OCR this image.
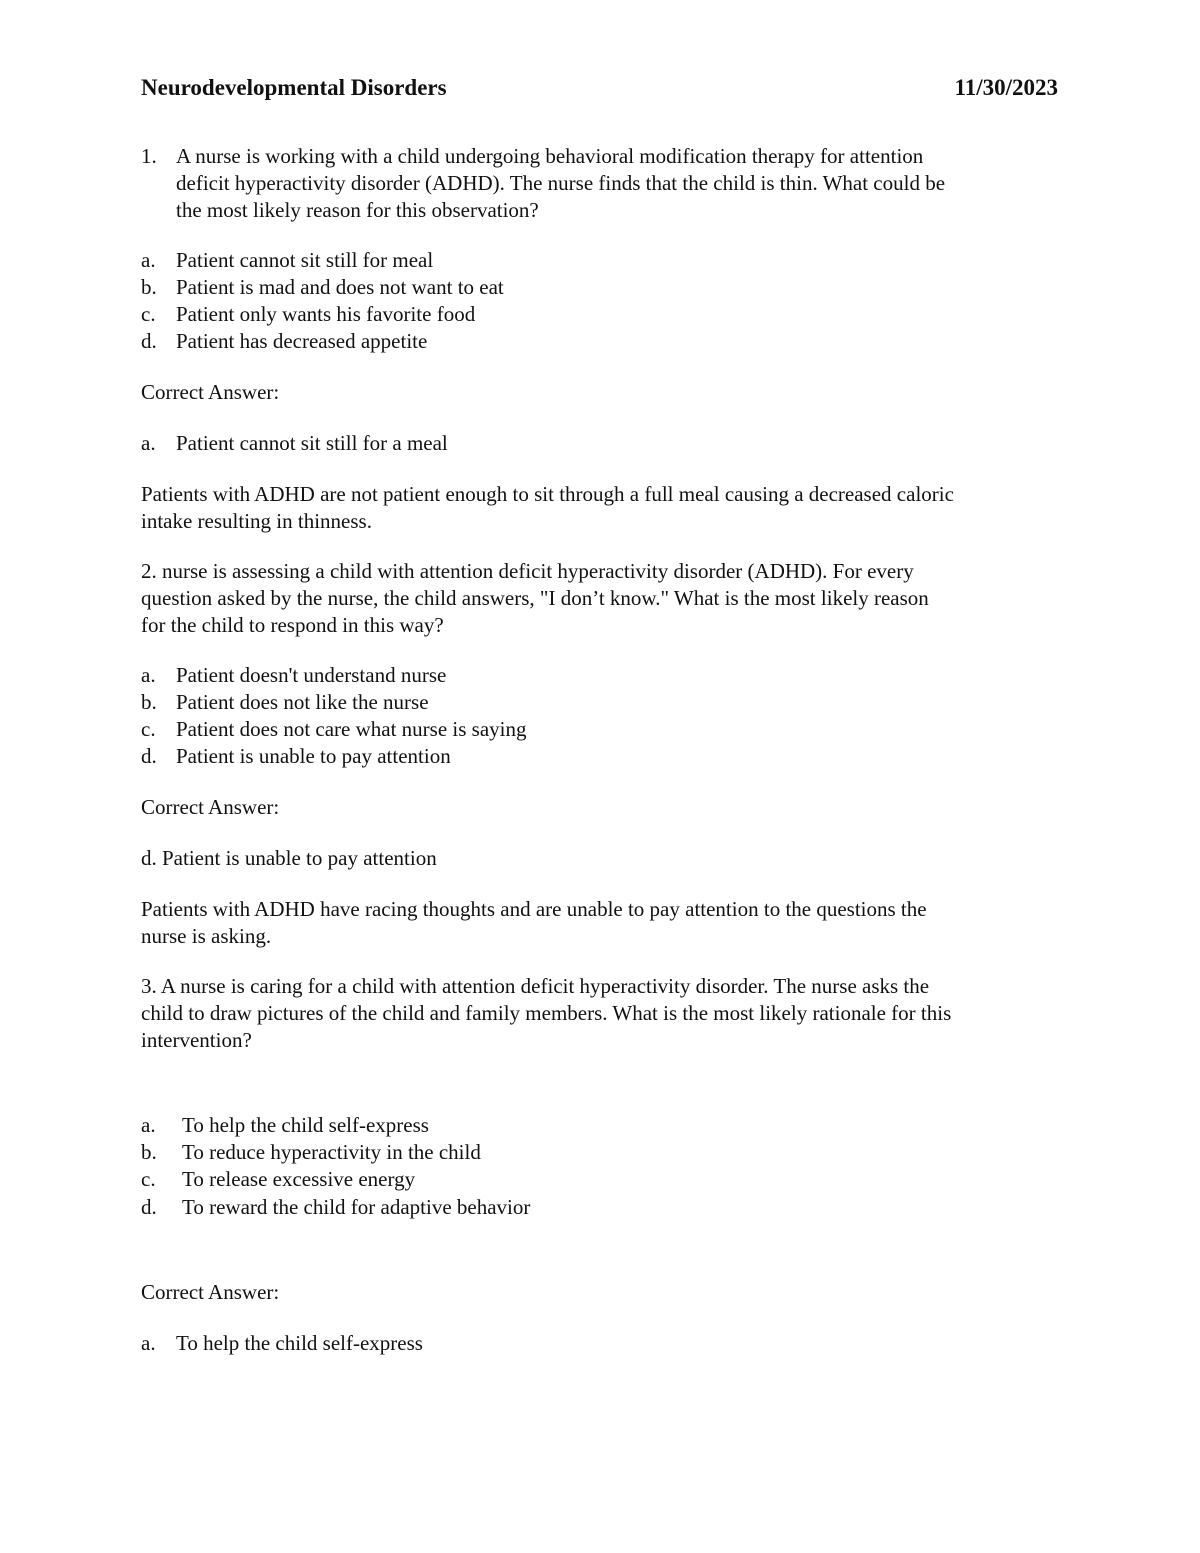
Neurodevelopmental Disorders	11/30/2023
1. A nurse is working with a child undergoing behavioral modification therapy for attention
deficit hyperactivity disorder (ADHD). The nurse finds that the child is thin. What could be
the most likely reason for this observation?
a. Patient cannot sit still for meal
b. Patient is mad and does not want to eat
c. Patient only wants his favorite food
d. Patient has decreased appetite
Correct Answer:
a. Patient cannot sit still for a meal
Patients with ADHD are not patient enough to sit through a full meal causing a decreased caloric
intake resulting in thinness.
2. nurse is assessing a child with attention deficit hyperactivity disorder (ADHD). For every
question asked by the nurse, the child answers, "I don’t know." What is the most likely reason
for the child to respond in this way?
a. Patient doesn't understand nurse
b. Patient does not like the nurse
c. Patient does not care what nurse is saying
d. Patient is unable to pay attention
Correct Answer:
d. Patient is unable to pay attention
Patients with ADHD have racing thoughts and are unable to pay attention to the questions the
nurse is asking.
3. A nurse is caring for a child with attention deficit hyperactivity disorder. The nurse asks the
child to draw pictures of the child and family members. What is the most likely rationale for this
intervention?
a. To help the child self-express
b. To reduce hyperactivity in the child
c. To release excessive energy
d. To reward the child for adaptive behavior
Correct Answer:
a. To help the child self-express
